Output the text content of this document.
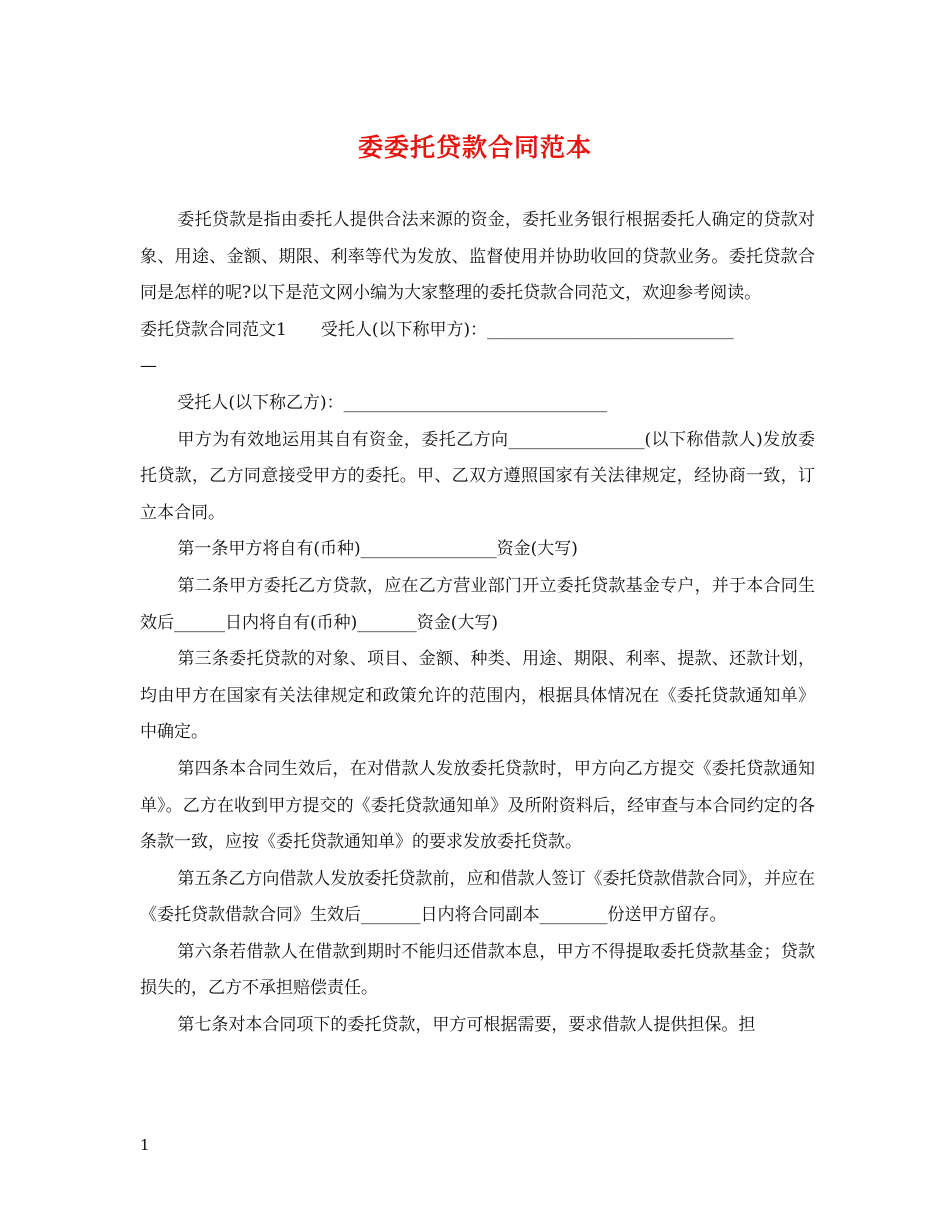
委委托贷款合同范本

委托贷款是指由委托人提供合法来源的资金，委托业务银行根据委托人确定的贷款对象、用途、金额、期限、利率等代为发放、监督使用并协助收回的贷款业务。委托贷款合同是怎样的呢?以下是范文网小编为大家整理的委托贷款合同范文，欢迎参考阅读。

委托贷款合同范文1　　受托人(以下称甲方)：_____________________________

—

受托人(以下称乙方)：_______________________________

甲方为有效地运用其自有资金，委托乙方向________________(以下称借款人)发放委托贷款，乙方同意接受甲方的委托。甲、乙双方遵照国家有关法律规定，经协商一致，订立本合同。

第一条甲方将自有(币种)________________资金(大写)

第二条甲方委托乙方贷款，应在乙方营业部门开立委托贷款基金专户，并于本合同生效后______日内将自有(币种)_______资金(大写)

第三条委托贷款的对象、项目、金额、种类、用途、期限、利率、提款、还款计划，均由甲方在国家有关法律规定和政策允许的范围内，根据具体情况在《委托贷款通知单》中确定。

第四条本合同生效后，在对借款人发放委托贷款时，甲方向乙方提交《委托贷款通知单》。乙方在收到甲方提交的《委托贷款通知单》及所附资料后，经审查与本合同约定的各条款一致，应按《委托贷款通知单》的要求发放委托贷款。

第五条乙方向借款人发放委托贷款前，应和借款人签订《委托贷款借款合同》，并应在《委托贷款借款合同》生效后_______日内将合同副本________份送甲方留存。

第六条若借款人在借款到期时不能归还借款本息，甲方不得提取委托贷款基金；贷款损失的，乙方不承担赔偿责任。

第七条对本合同项下的委托贷款，甲方可根据需要，要求借款人提供担保。担

1
